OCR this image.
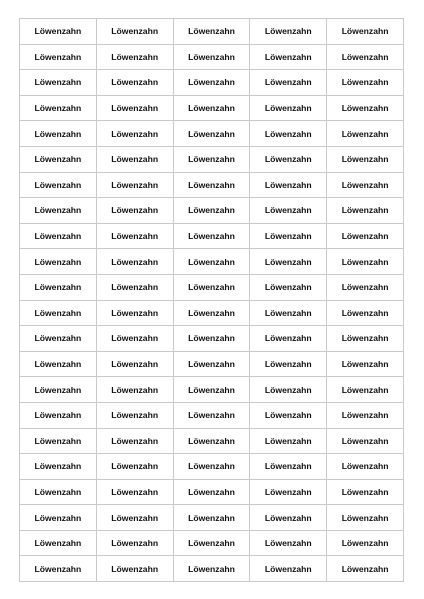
Löwenzahn	Löwenzahn	Löwenzahn	Löwenzahn	Löwenzahn
Löwenzahn	Löwenzahn	Löwenzahn	Löwenzahn	Löwenzahn
Löwenzahn	Löwenzahn	Löwenzahn	Löwenzahn	Löwenzahn
Löwenzahn	Löwenzahn	Löwenzahn	Löwenzahn	Löwenzahn
Löwenzahn	Löwenzahn	Löwenzahn	Löwenzahn	Löwenzahn
Löwenzahn	Löwenzahn	Löwenzahn	Löwenzahn	Löwenzahn
Löwenzahn	Löwenzahn	Löwenzahn	Löwenzahn	Löwenzahn
Löwenzahn	Löwenzahn	Löwenzahn	Löwenzahn	Löwenzahn
Löwenzahn	Löwenzahn	Löwenzahn	Löwenzahn	Löwenzahn
Löwenzahn	Löwenzahn	Löwenzahn	Löwenzahn	Löwenzahn
Löwenzahn	Löwenzahn	Löwenzahn	Löwenzahn	Löwenzahn
Löwenzahn	Löwenzahn	Löwenzahn	Löwenzahn	Löwenzahn
Löwenzahn	Löwenzahn	Löwenzahn	Löwenzahn	Löwenzahn
Löwenzahn	Löwenzahn	Löwenzahn	Löwenzahn	Löwenzahn
Löwenzahn	Löwenzahn	Löwenzahn	Löwenzahn	Löwenzahn
Löwenzahn	Löwenzahn	Löwenzahn	Löwenzahn	Löwenzahn
Löwenzahn	Löwenzahn	Löwenzahn	Löwenzahn	Löwenzahn
Löwenzahn	Löwenzahn	Löwenzahn	Löwenzahn	Löwenzahn
Löwenzahn	Löwenzahn	Löwenzahn	Löwenzahn	Löwenzahn
Löwenzahn	Löwenzahn	Löwenzahn	Löwenzahn	Löwenzahn
Löwenzahn	Löwenzahn	Löwenzahn	Löwenzahn	Löwenzahn
Löwenzahn	Löwenzahn	Löwenzahn	Löwenzahn	Löwenzahn
